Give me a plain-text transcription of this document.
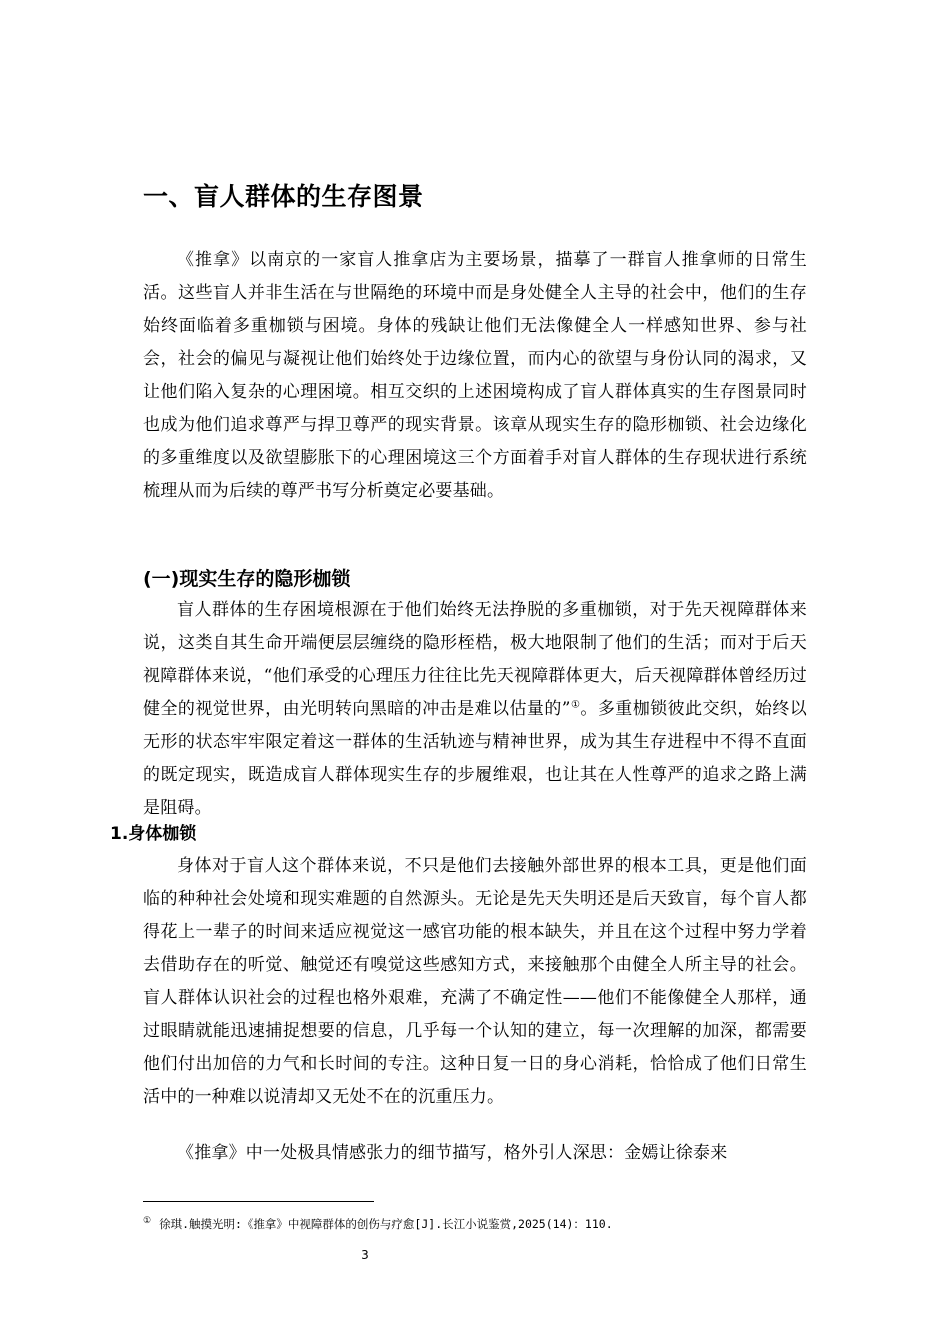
一、盲人群体的生存图景

《推拿》以南京的一家盲人推拿店为主要场景，描摹了一群盲人推拿师的日常生活。这些盲人并非生活在与世隔绝的环境中而是身处健全人主导的社会中，他们的生存始终面临着多重枷锁与困境。身体的残缺让他们无法像健全人一样感知世界、参与社会，社会的偏见与凝视让他们始终处于边缘位置，而内心的欲望与身份认同的渴求，又让他们陷入复杂的心理困境。相互交织的上述困境构成了盲人群体真实的生存图景同时也成为他们追求尊严与捍卫尊严的现实背景。该章从现实生存的隐形枷锁、社会边缘化的多重维度以及欲望膨胀下的心理困境这三个方面着手对盲人群体的生存现状进行系统梳理从而为后续的尊严书写分析奠定必要基础。

(一)现实生存的隐形枷锁

盲人群体的生存困境根源在于他们始终无法挣脱的多重枷锁，对于先天视障群体来说，这类自其生命开端便层层缠绕的隐形桎梏，极大地限制了他们的生活；而对于后天视障群体来说，“他们承受的心理压力往往比先天视障群体更大，后天视障群体曾经历过健全的视觉世界，由光明转向黑暗的冲击是难以估量的”①。多重枷锁彼此交织，始终以无形的状态牢牢限定着这一群体的生活轨迹与精神世界，成为其生存进程中不得不直面的既定现实，既造成盲人群体现实生存的步履维艰，也让其在人性尊严的追求之路上满是阻碍。

1.身体枷锁

身体对于盲人这个群体来说，不只是他们去接触外部世界的根本工具，更是他们面临的种种社会处境和现实难题的自然源头。无论是先天失明还是后天致盲，每个盲人都得花上一辈子的时间来适应视觉这一感官功能的根本缺失，并且在这个过程中努力学着去借助存在的听觉、触觉还有嗅觉这些感知方式，来接触那个由健全人所主导的社会。盲人群体认识社会的过程也格外艰难，充满了不确定性——他们不能像健全人那样，通过眼睛就能迅速捕捉想要的信息，几乎每一个认知的建立，每一次理解的加深，都需要他们付出加倍的力气和长时间的专注。这种日复一日的身心消耗，恰恰成了他们日常生活中的一种难以说清却又无处不在的沉重压力。

《推拿》中一处极具情感张力的细节描写，格外引人深思：金嫣让徐泰来

① 徐琪.触摸光明:《推拿》中视障群体的创伤与疗愈[J].长江小说鉴赏,2025(14)：110.

3
